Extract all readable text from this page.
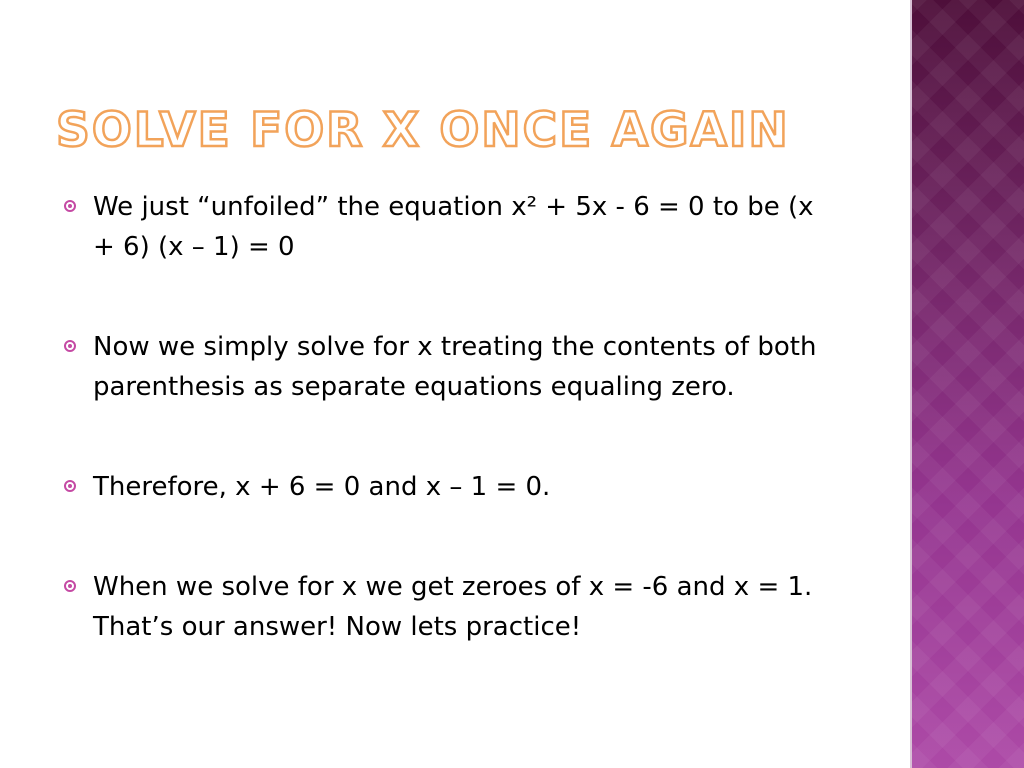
SOLVE FOR X ONCE AGAIN
We just “unfoiled” the equation x² + 5x - 6 = 0 to be (x + 6) (x – 1) = 0
Now we simply solve for x treating the contents of both parenthesis as separate equations equaling zero.
Therefore, x + 6 = 0 and x – 1 = 0.
When we solve for x we get zeroes of x = -6 and x = 1. That’s our answer! Now lets practice!
